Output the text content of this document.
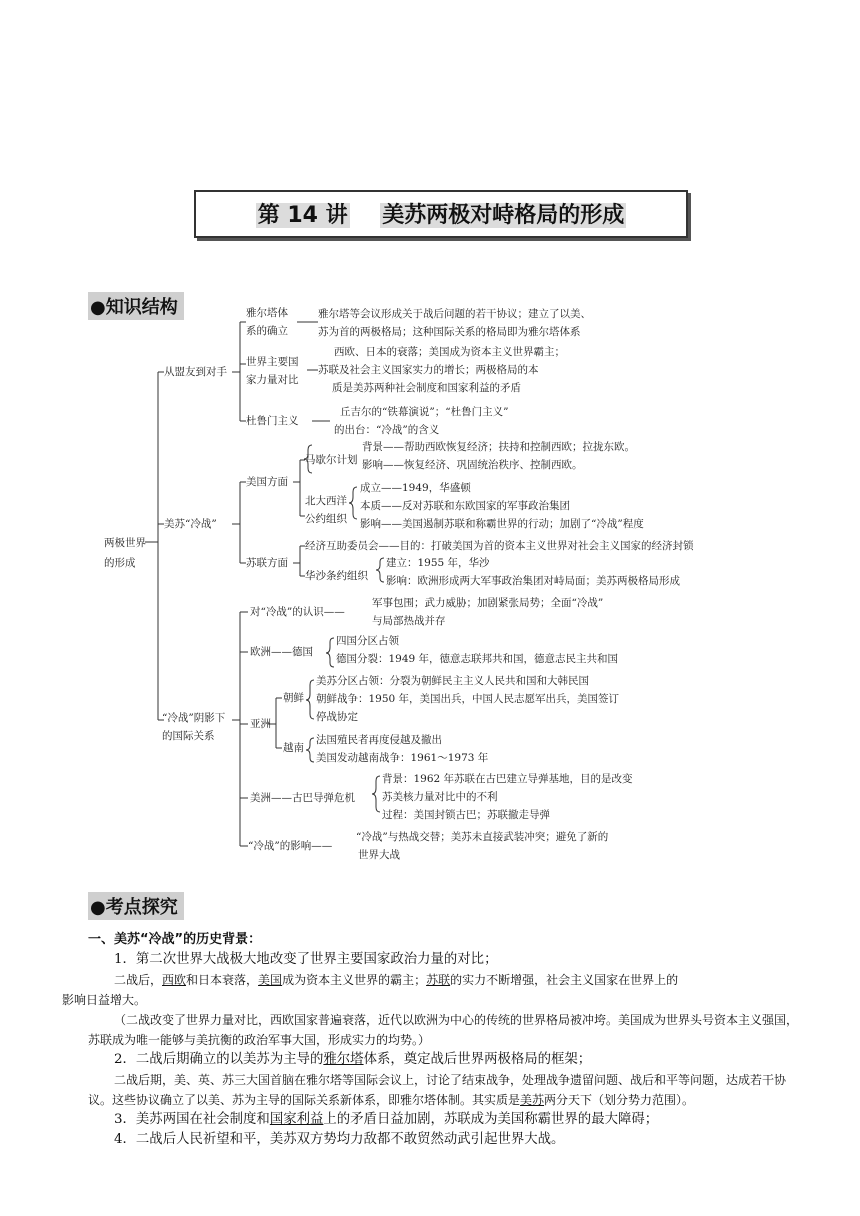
第 14 讲 美苏两极对峙格局的形成
●知识结构
两极世界
的形成
从盟友到对手
雅尔塔体
系的确立
雅尔塔等会议形成关于战后问题的若干协议；建立了以美、
苏为首的两极格局；这种国际关系的格局即为雅尔塔体系
世界主要国
家力量对比
西欧、日本的衰落；美国成为资本主义世界霸主；
苏联及社会主义国家实力的增长；两极格局的本
质是美苏两种社会制度和国家利益的矛盾
杜鲁门主义
丘吉尔的“铁幕演说”；“杜鲁门主义”
的出台：“冷战”的含义
美苏“冷战”
美国方面
马歇尔计划
背景——帮助西欧恢复经济；扶持和控制西欧；拉拢东欧。
影响——恢复经济、巩固统治秩序、控制西欧。
北大西洋
公约组织
成立——1949，华盛顿
本质——反对苏联和东欧国家的军事政治集团
影响——美国遏制苏联和称霸世界的行动；加剧了“冷战”程度
苏联方面
经济互助委员会——目的：打破美国为首的资本主义世界对社会主义国家的经济封锁
华沙条约组织
建立：1955 年，华沙
影响：欧洲形成两大军事政治集团对峙局面；美苏两极格局形成
“冷战”阴影下
的国际关系
对“冷战”的认识——
军事包围；武力威胁；加剧紧张局势；全面“冷战”
与局部热战并存
欧洲——德国
四国分区占领
德国分裂：1949 年，德意志联邦共和国，德意志民主共和国
亚洲
朝鲜
美苏分区占领：分裂为朝鲜民主主义人民共和国和大韩民国
朝鲜战争：1950 年，美国出兵，中国人民志愿军出兵，美国签订
停战协定
越南
法国殖民者再度侵越及撤出
美国发动越南战争：1961～1973 年
美洲——古巴导弹危机
背景：1962 年苏联在古巴建立导弹基地，目的是改变
苏美核力量对比中的不利
过程：美国封锁古巴；苏联撤走导弹
“冷战”的影响——
“冷战”与热战交替；美苏未直接武装冲突；避免了新的
世界大战
●考点探究

一、美苏“冷战”的历史背景：

1．第二次世界大战极大地改变了世界主要国家政治力量的对比；

二战后，西欧和日本衰落，美国成为资本主义世界的霸主；苏联的实力不断增强，社会主义国家在世界上的
影响日益增大。

（二战改变了世界力量对比，西欧国家普遍衰落，近代以欧洲为中心的传统的世界格局被冲垮。美国成为世界头号资本主义强国，苏联成为唯一能够与美抗衡的政治军事大国，形成实力的均势。）

2．二战后期确立的以美苏为主导的雅尔塔体系，奠定战后世界两极格局的框架；

二战后期，美、英、苏三大国首脑在雅尔塔等国际会议上，讨论了结束战争，处理战争遗留问题、战后和平等问题，达成若干协议。这些协议确立了以美、苏为主导的国际关系新体系，即雅尔塔体制。其实质是美苏两分天下（划分势力范围）。

3．美苏两国在社会制度和国家利益上的矛盾日益加剧，苏联成为美国称霸世界的最大障碍；

4．二战后人民祈望和平，美苏双方势均力敌都不敢贸然动武引起世界大战。
